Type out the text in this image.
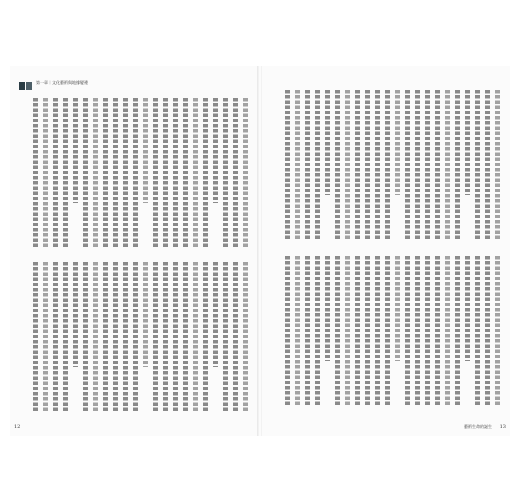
第一章｜文化藝術與地緣變遷
12	藝術生命的誕生 13
